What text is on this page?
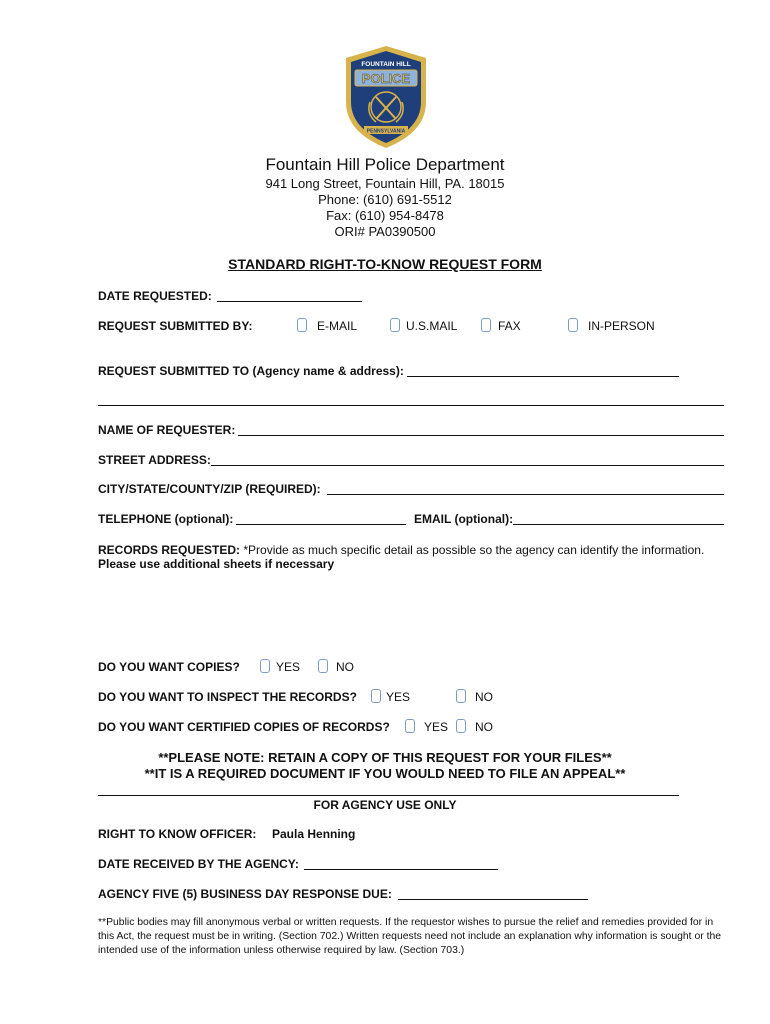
FOUNTAIN HILL
POLICE
PENNSYLVANIA
Fountain Hill Police Department
941 Long Street, Fountain Hill, PA. 18015
Phone: (610) 691-5512
Fax: (610) 954-8478
ORI# PA0390500
STANDARD RIGHT-TO-KNOW REQUEST FORM
DATE REQUESTED:
REQUEST SUBMITTED BY:	E-MAIL	U.S.MAIL	FAX	IN-PERSON
REQUEST SUBMITTED TO (Agency name & address):
NAME OF REQUESTER:
STREET ADDRESS:
CITY/STATE/COUNTY/ZIP (REQUIRED):
TELEPHONE (optional):	EMAIL (optional):
RECORDS REQUESTED: *Provide as much specific detail as possible so the agency can identify the information.
Please use additional sheets if necessary
DO YOU WANT COPIES?	YES	NO
DO YOU WANT TO INSPECT THE RECORDS? YES	NO
DO YOU WANT CERTIFIED COPIES OF RECORDS?	YES NO
**PLEASE NOTE: RETAIN A COPY OF THIS REQUEST FOR YOUR FILES**
**IT IS A REQUIRED DOCUMENT IF YOU WOULD NEED TO FILE AN APPEAL**
FOR AGENCY USE ONLY
RIGHT TO KNOW OFFICER: Paula Henning
DATE RECEIVED BY THE AGENCY:
AGENCY FIVE (5) BUSINESS DAY RESPONSE DUE:
**Public bodies may fill anonymous verbal or written requests. If the requestor wishes to pursue the relief and remedies provided for in this Act, the request must be in writing. (Section 702.) Written requests need not include an explanation why information is sought or the intended use of the information unless otherwise required by law. (Section 703.)
